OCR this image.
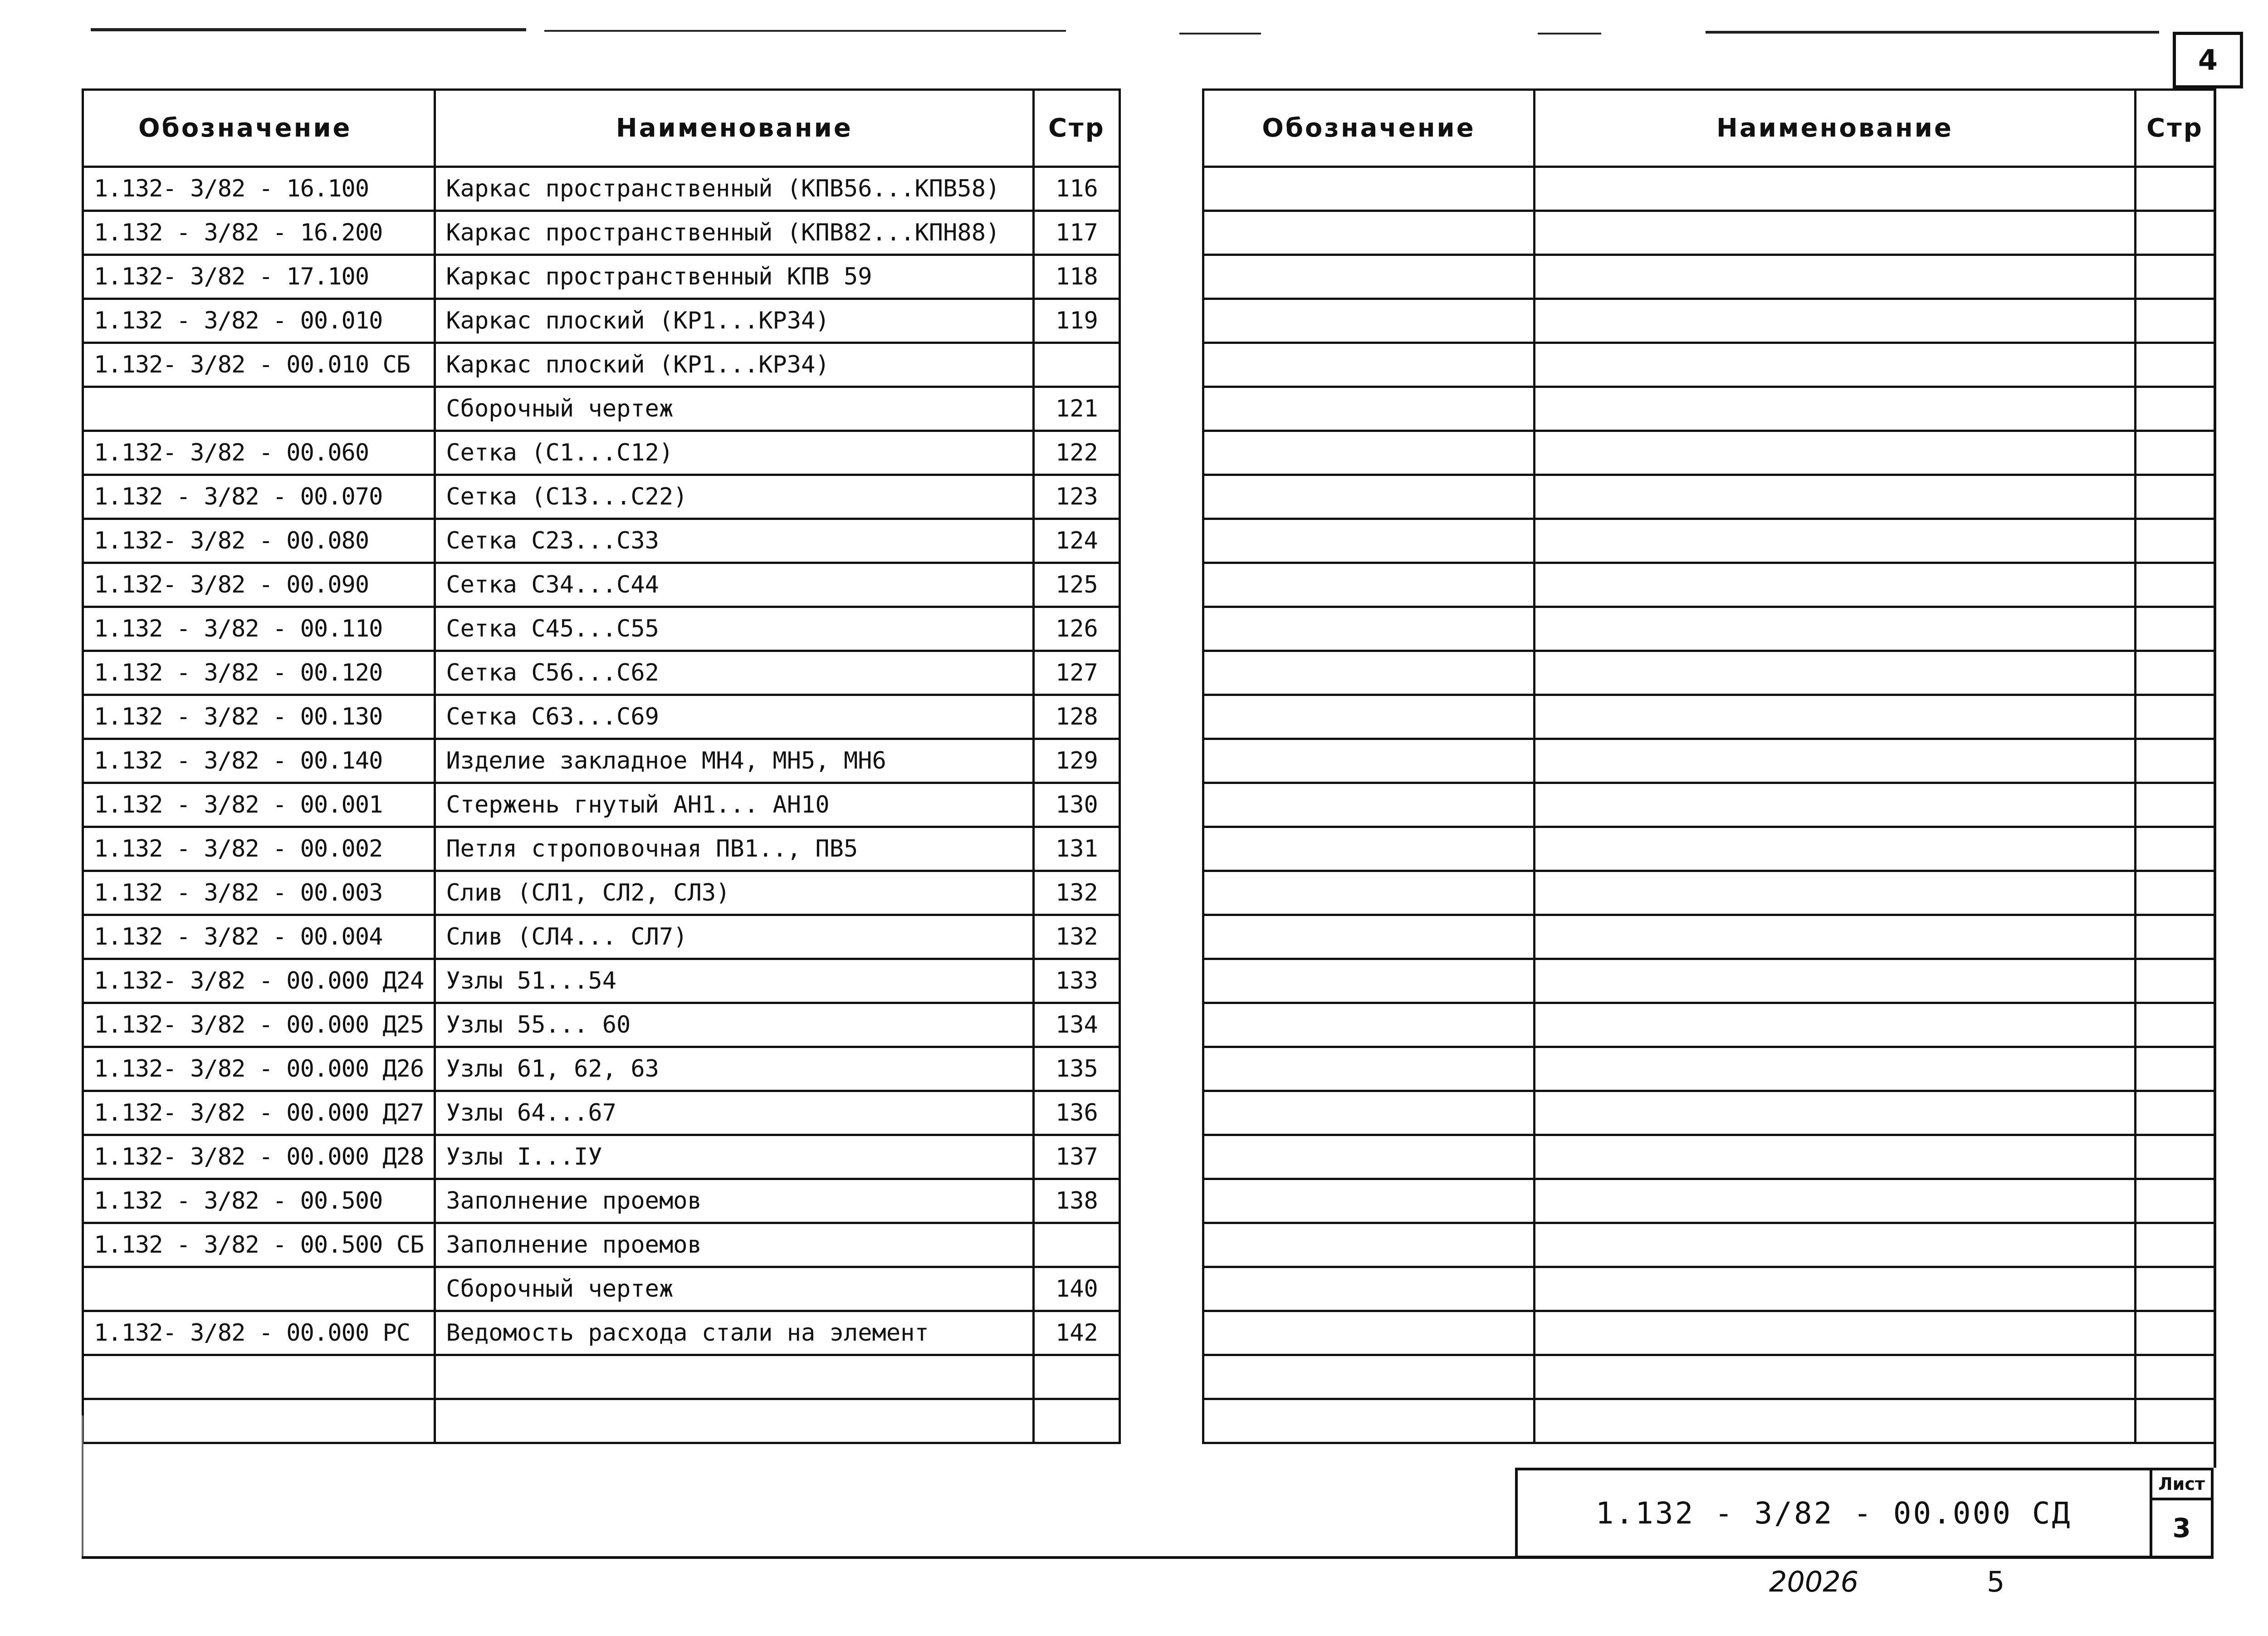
4
Обозначение	Наименование	Стр
1.132- 3/82 - 16.100	Каркас пространственный (КПВ56...КПВ58)	116
1.132 - 3/82 - 16.200	Каркас пространственный (КПВ82...КПН88)	117
1.132- 3/82 - 17.100	Каркас пространственный КПВ 59	118
1.132 - 3/82 - 00.010	Каркас плоский (КР1...КР34)	119
1.132- 3/82 - 00.010 СБ	Каркас плоский (КР1...КР34)	
	Сборочный чертеж	121
1.132- 3/82 - 00.060	Сетка (С1...С12)	122
1.132 - 3/82 - 00.070	Сетка (С13...С22)	123
1.132- 3/82 - 00.080	Сетка С23...С33	124
1.132- 3/82 - 00.090	Сетка С34...С44	125
1.132 - 3/82 - 00.110	Сетка С45...С55	126
1.132 - 3/82 - 00.120	Сетка С56...С62	127
1.132 - 3/82 - 00.130	Сетка С63...С69	128
1.132 - 3/82 - 00.140	Изделие закладное МН4, МН5, МН6	129
1.132 - 3/82 - 00.001	Стержень гнутый АН1... АН10	130
1.132 - 3/82 - 00.002	Петля строповочная ПВ1.., ПВ5	131
1.132 - 3/82 - 00.003	Слив (СЛ1, СЛ2, СЛ3)	132
1.132 - 3/82 - 00.004	Слив (СЛ4... СЛ7)	132
1.132- 3/82 - 00.000 Д24	Узлы 51...54	133
1.132- 3/82 - 00.000 Д25	Узлы 55... 60	134
1.132- 3/82 - 00.000 Д26	Узлы 61, 62, 63	135
1.132- 3/82 - 00.000 Д27	Узлы 64...67	136
1.132- 3/82 - 00.000 Д28	Узлы I...IУ	137
1.132 - 3/82 - 00.500	Заполнение проемов	138
1.132 - 3/82 - 00.500 СБ	Заполнение проемов	
	Сборочный чертеж	140
1.132- 3/82 - 00.000 РС	Ведомость расхода стали на элемент	142

Обозначение	Наименование	Стр

1.132 - 3/82 - 00.000 СД
Лист
3
20026	5
